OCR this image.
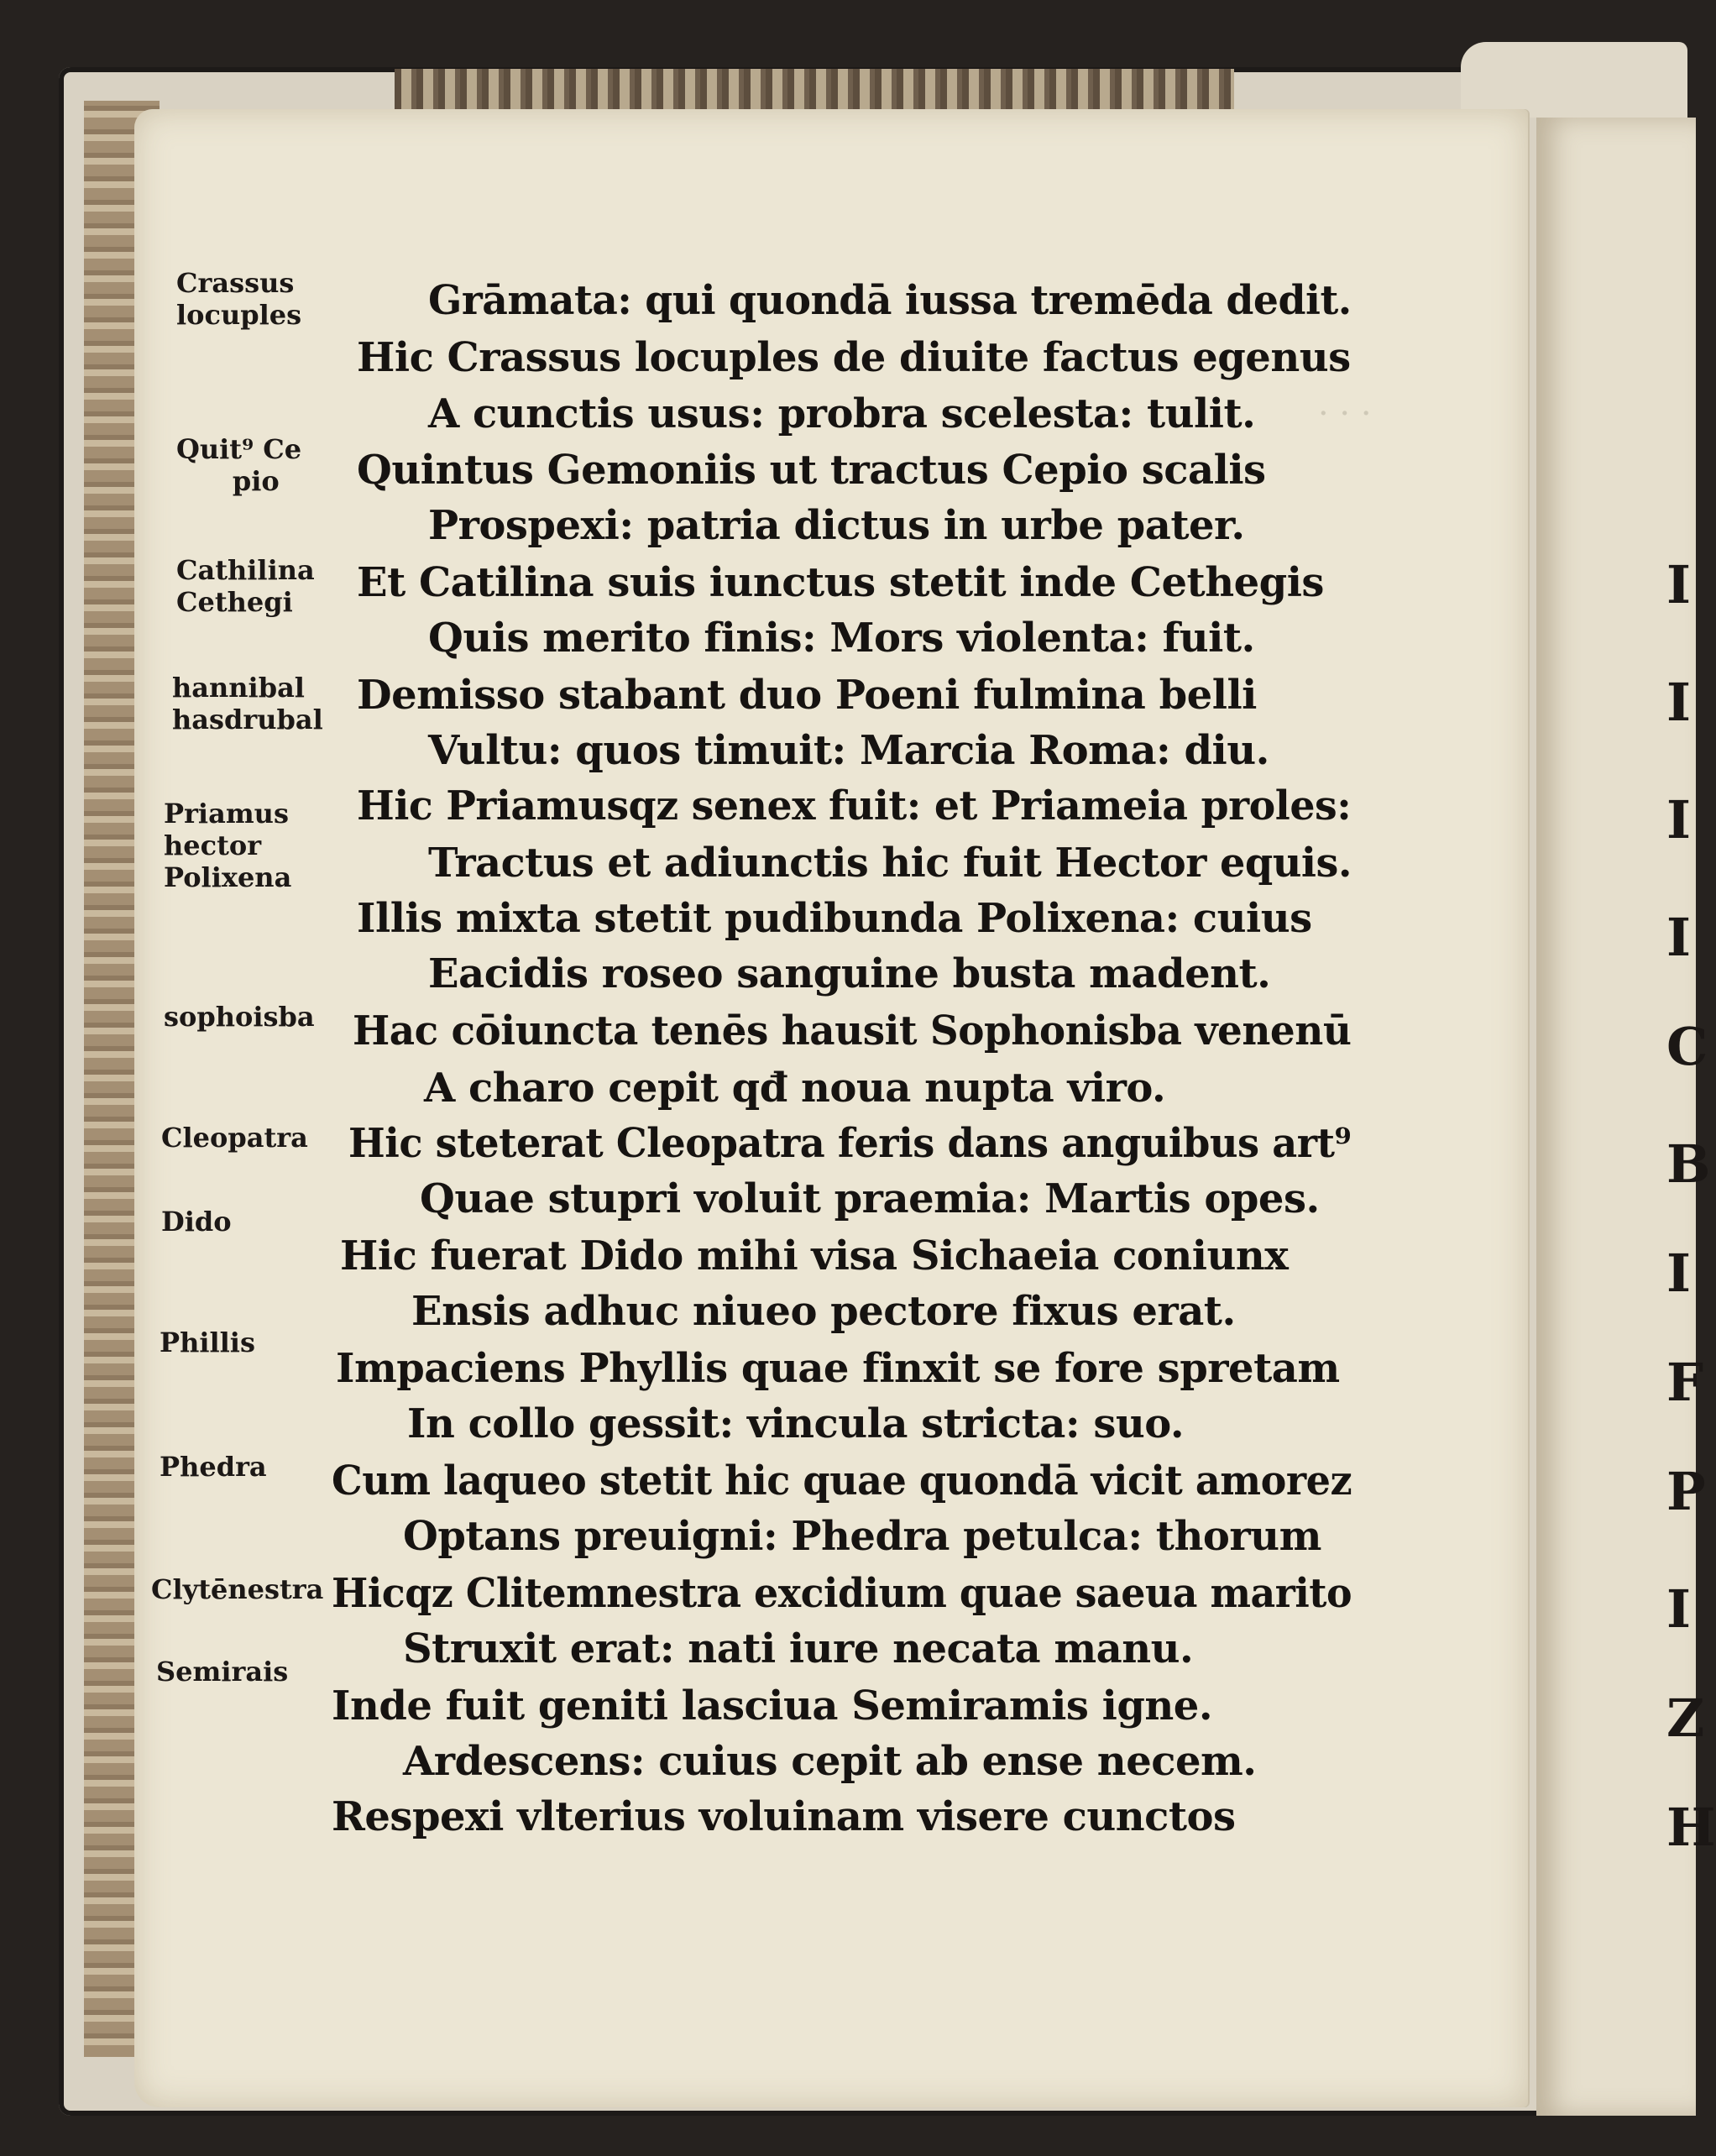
· · ·
Crassus
locuples
Quit⁹ Ce
pio
Cathilina
Cethegi
hannibal
hasdrubal
Priamus
hector
Polixena
sophoisba
Cleopatra
Dido
Phillis
Phedra
Clytēnestra
Semirais
Grāmata: qui quondā iussa tremēda dedit.
Hic Crassus locuples de diuite factus egenus
A cunctis usus: probra scelesta: tulit.
Quintus Gemoniis ut tractus Cepio scalis
Prospexi: patria dictus in urbe pater.
Et Catilina suis iunctus stetit inde Cethegis
Quis merito finis: Mors violenta: fuit.
Demisso stabant duo Poeni fulmina belli
Vultu: quos timuit: Marcia Roma: diu.
Hic Priamusqz senex fuit: et Priameia proles:
Tractus et adiunctis hic fuit Hector equis.
Illis mixta stetit pudibunda Polixena: cuius
Eacidis roseo sanguine busta madent.
Hac cōiuncta tenēs hausit Sophonisba venenū
A charo cepit qđ noua nupta viro.
Hic steterat Cleopatra feris dans anguibus art⁹
Quae stupri voluit praemia: Martis opes.
Hic fuerat Dido mihi visa Sichaeia coniunx
Ensis adhuc niueo pectore fixus erat.
Impaciens Phyllis quae finxit se fore spretam
In collo gessit: vincula stricta: suo.
Cum laqueo stetit hic quae quondā vicit amorez
Optans preuigni: Phedra petulca: thorum
Hicqz Clitemnestra excidium quae saeua marito
Struxit erat: nati iure necata manu.
Inde fuit geniti lasciua Semiramis igne.
Ardescens: cuius cepit ab ense necem.
Respexi vlterius voluinam visere cunctos
I
I
I
I
C
B
I
F
P
I
Z
H
